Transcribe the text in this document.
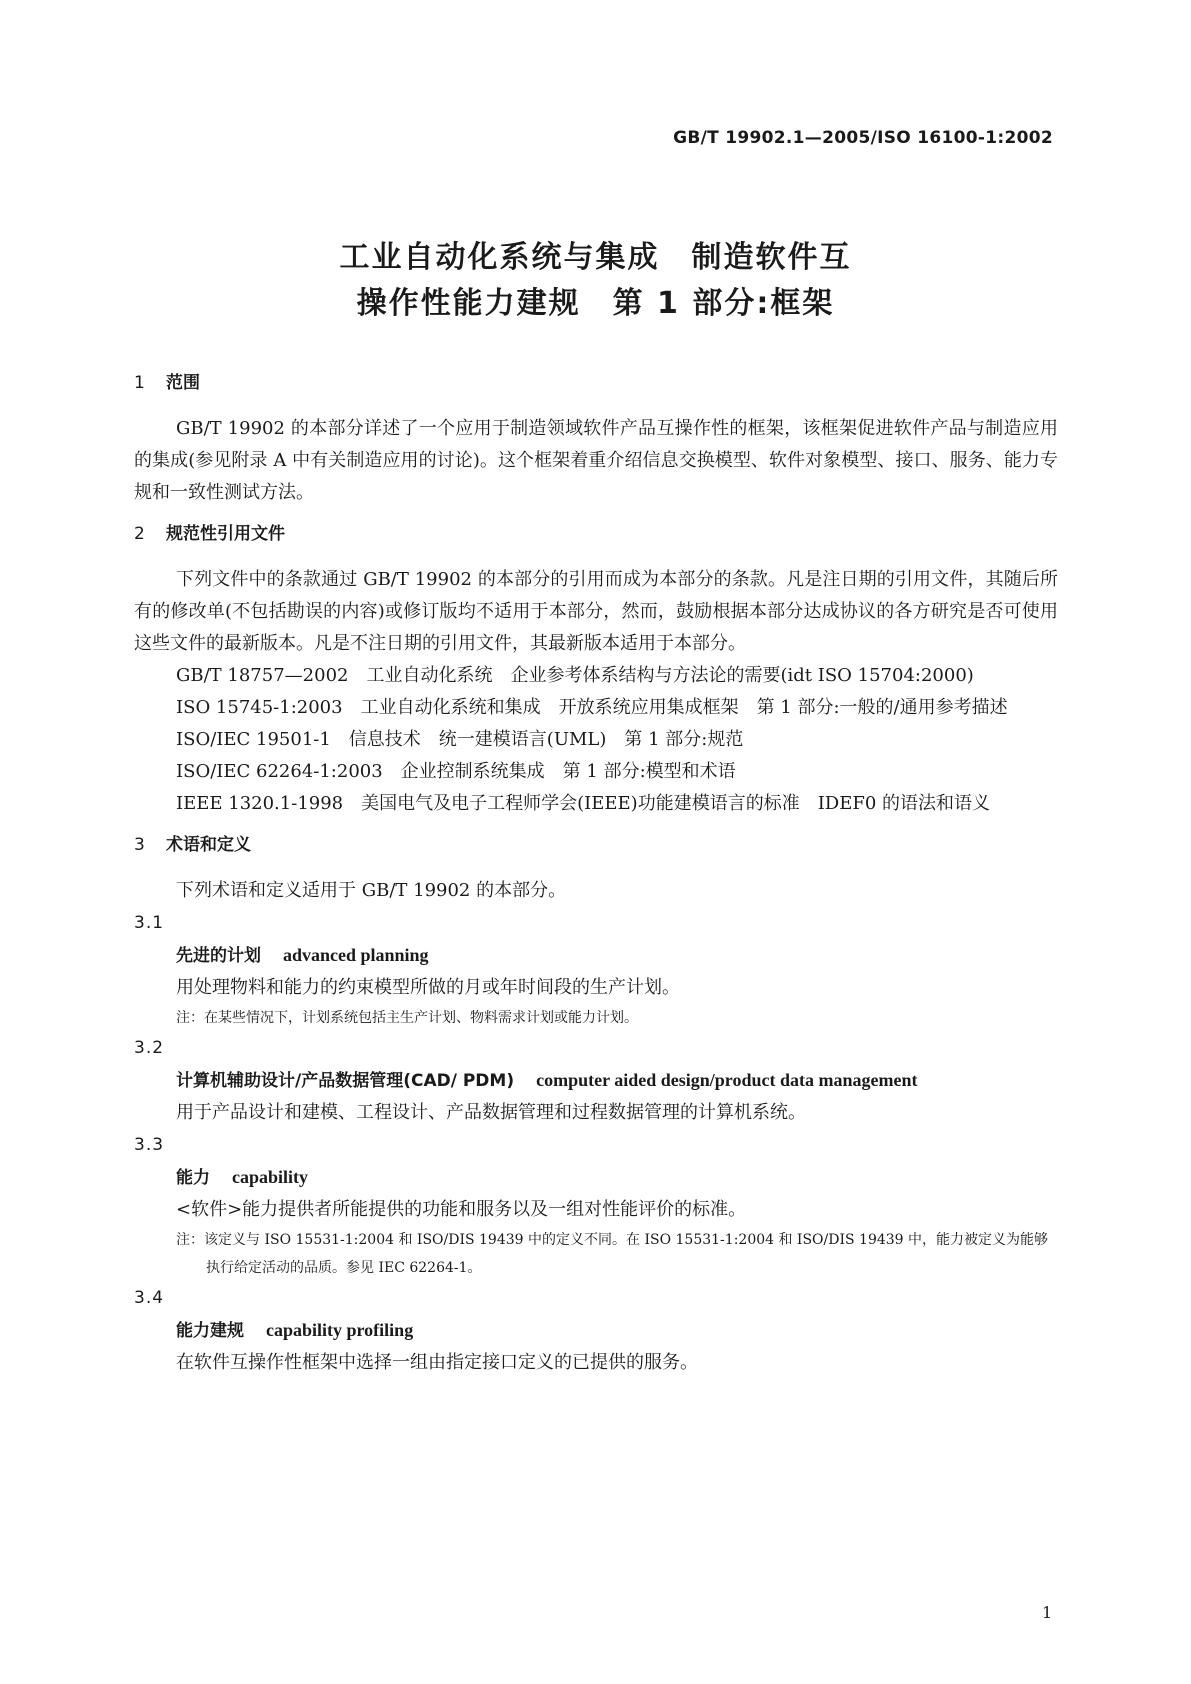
GB/T 19902.1—2005/ISO 16100-1:2002
工业自动化系统与集成　制造软件互
操作性能力建规　第 1 部分:框架
1 范围

GB/T 19902 的本部分详述了一个应用于制造领域软件产品互操作性的框架，该框架促进软件产品与制造应用的集成(参见附录 A 中有关制造应用的讨论)。这个框架着重介绍信息交换模型、软件对象模型、接口、服务、能力专规和一致性测试方法。

2 规范性引用文件

下列文件中的条款通过 GB/T 19902 的本部分的引用而成为本部分的条款。凡是注日期的引用文件，其随后所有的修改单(不包括勘误的内容)或修订版均不适用于本部分，然而，鼓励根据本部分达成协议的各方研究是否可使用这些文件的最新版本。凡是不注日期的引用文件，其最新版本适用于本部分。

GB/T 18757—2002　工业自动化系统　企业参考体系结构与方法论的需要(idt ISO 15704:2000)

ISO 15745-1:2003　工业自动化系统和集成　开放系统应用集成框架　第 1 部分:一般的/通用参考描述

ISO/IEC 19501-1　信息技术　统一建模语言(UML)　第 1 部分:规范

ISO/IEC 62264-1:2003　企业控制系统集成　第 1 部分:模型和术语

IEEE 1320.1-1998　美国电气及电子工程师学会(IEEE)功能建模语言的标准　IDEF0 的语法和语义

3 术语和定义

下列术语和定义适用于 GB/T 19902 的本部分。

3.1

先进的计划 advanced planning

用处理物料和能力的约束模型所做的月或年时间段的生产计划。

注：在某些情况下，计划系统包括主生产计划、物料需求计划或能力计划。

3.2

计算机辅助设计/产品数据管理(CAD/ PDM) computer aided design/product data management

用于产品设计和建模、工程设计、产品数据管理和过程数据管理的计算机系统。

3.3

能力 capability

<软件>能力提供者所能提供的功能和服务以及一组对性能评价的标准。

注：该定义与 ISO 15531-1:2004 和 ISO/DIS 19439 中的定义不同。在 ISO 15531-1:2004 和 ISO/DIS 19439 中，能力被定义为能够执行给定活动的品质。参见 IEC 62264-1。

3.4

能力建规 capability profiling

在软件互操作性框架中选择一组由指定接口定义的已提供的服务。

1
